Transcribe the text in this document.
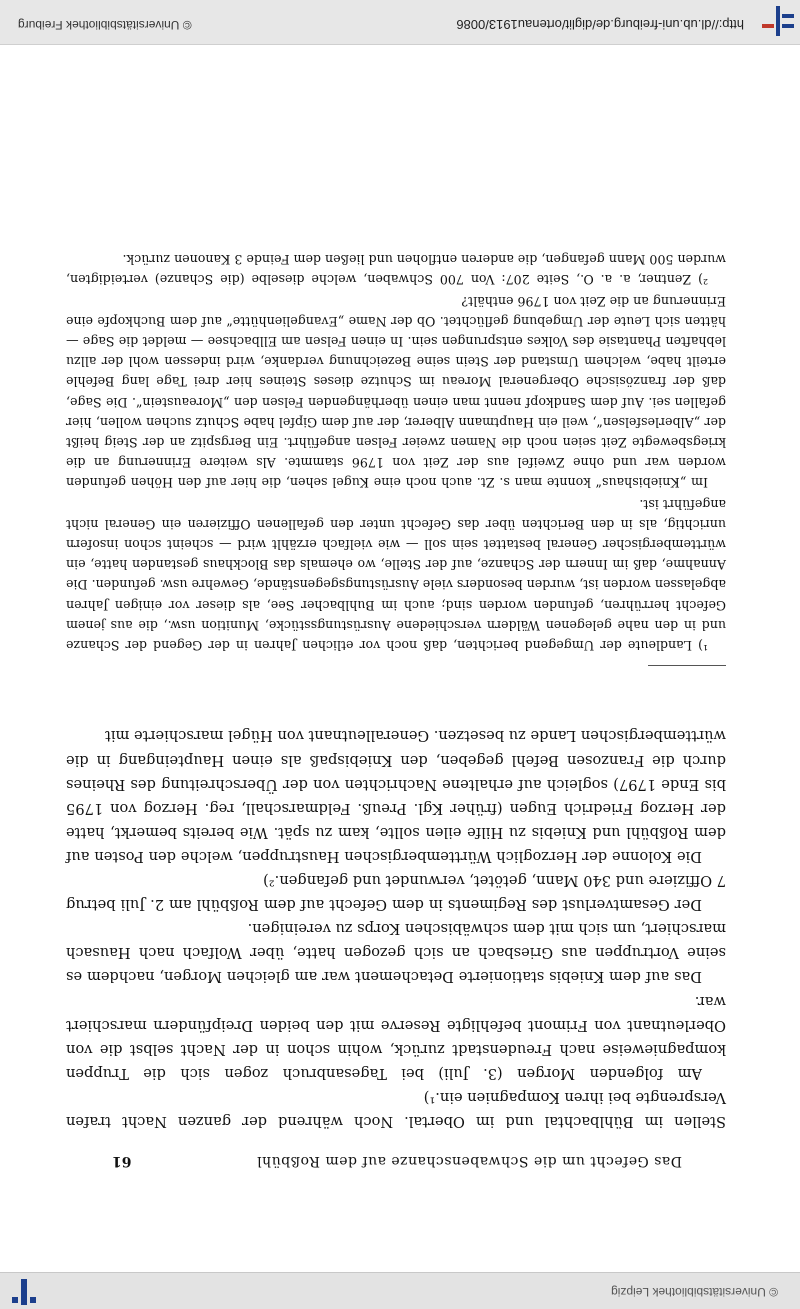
© Universitätsbibliothek Leipzig
Das Gefecht um die Schwabenschanze auf dem Roßbühl
61

Stellen im Bühlbachtal und im Obertal. Noch während der ganzen Nacht trafen Versprengte bei ihren Kompagnien ein.¹)

Am folgenden Morgen (3. Juli) bei Tagesanbruch zogen sich die Truppen kompagnieweise nach Freudenstadt zurück, wohin schon in der Nacht selbst die von Oberleutnant von Frimont befehligte Reserve mit den beiden Dreipfündern marschiert war.

Das auf dem Kniebis stationierte Detachement war am gleichen Morgen, nachdem es seine Vortruppen aus Griesbach an sich gezogen hatte, über Wolfach nach Hausach marschiert, um sich mit dem schwäbischen Korps zu vereinigen.

Der Gesamtverlust des Regiments in dem Gefecht auf dem Roßbühl am 2. Juli betrug 7 Offiziere und 340 Mann, getötet, verwundet und gefangen.²)

Die Kolonne der Herzoglich Württembergischen Haustruppen, welche den Posten auf dem Roßbühl und Kniebis zu Hilfe eilen sollte, kam zu spät. Wie bereits bemerkt, hatte der Herzog Friedrich Eugen (früher Kgl. Preuß. Feldmarschall, reg. Herzog von 1795 bis Ende 1797) sogleich auf erhaltene Nachrichten von der Überschreitung des Rheines durch die Franzosen Befehl gegeben, den Kniebispaß als einen Haupteingang in die württembergischen Lande zu besetzen. Generalleutnant von Hügel marschierte mit

¹) Landleute der Umgegend berichten, daß noch vor etlichen Jahren in der Gegend der Schanze und in den nahe gelegenen Wäldern verschiedene Ausrüstungsstücke, Munition usw., die aus jenem Gefecht herrühren, gefunden worden sind; auch im Buhlbacher See, als dieser vor einigen Jahren abgelassen worden ist, wurden besonders viele Ausrüstungsgegenstände, Gewehre usw. gefunden. Die Annahme, daß im Innern der Schanze, auf der Stelle, wo ehemals das Blockhaus gestanden hatte, ein württembergischer General bestattet sein soll — wie vielfach erzählt wird — scheint schon insofern unrichtig, als in den Berichten über das Gefecht unter den gefallenen Offizieren ein General nicht angeführt ist.

Im „Kniebishaus“ konnte man s. Zt. auch noch eine Kugel sehen, die hier auf den Höhen gefunden worden war und ohne Zweifel aus der Zeit von 1796 stammte. Als weitere Erinnerung an die kriegsbewegte Zeit seien noch die Namen zweier Felsen angeführt. Ein Bergspitz an der Steig heißt der „Alberlesfelsen“, weil ein Hauptmann Alberer, der auf dem Gipfel habe Schutz suchen wollen, hier gefallen sei. Auf dem Sandkopf nennt man einen überhängenden Felsen den „Moreaustein“. Die Sage, daß der französische Obergeneral Moreau im Schutze dieses Steines hier drei Tage lang Befehle erteilt habe, welchem Umstand der Stein seine Bezeichnung verdanke, wird indessen wohl der allzu lebhaften Phantasie des Volkes entsprungen sein. In einen Felsen am Ellbachsee — meldet die Sage — hätten sich Leute der Umgebung geflüchtet. Ob der Name „Evangelienhütte“ auf dem Buchkopfe eine Erinnerung an die Zeit von 1796 enthält?

²) Zentner, a. a. O., Seite 207: Von 700 Schwaben, welche dieselbe (die Schanze) verteidigten, wurden 500 Mann gefangen, die anderen entflohen und ließen dem Feinde 3 Kanonen zurück.

http://dl.ub.uni-freiburg.de/diglit/ortenau1913/0086
© Universitätsbibliothek Freiburg
